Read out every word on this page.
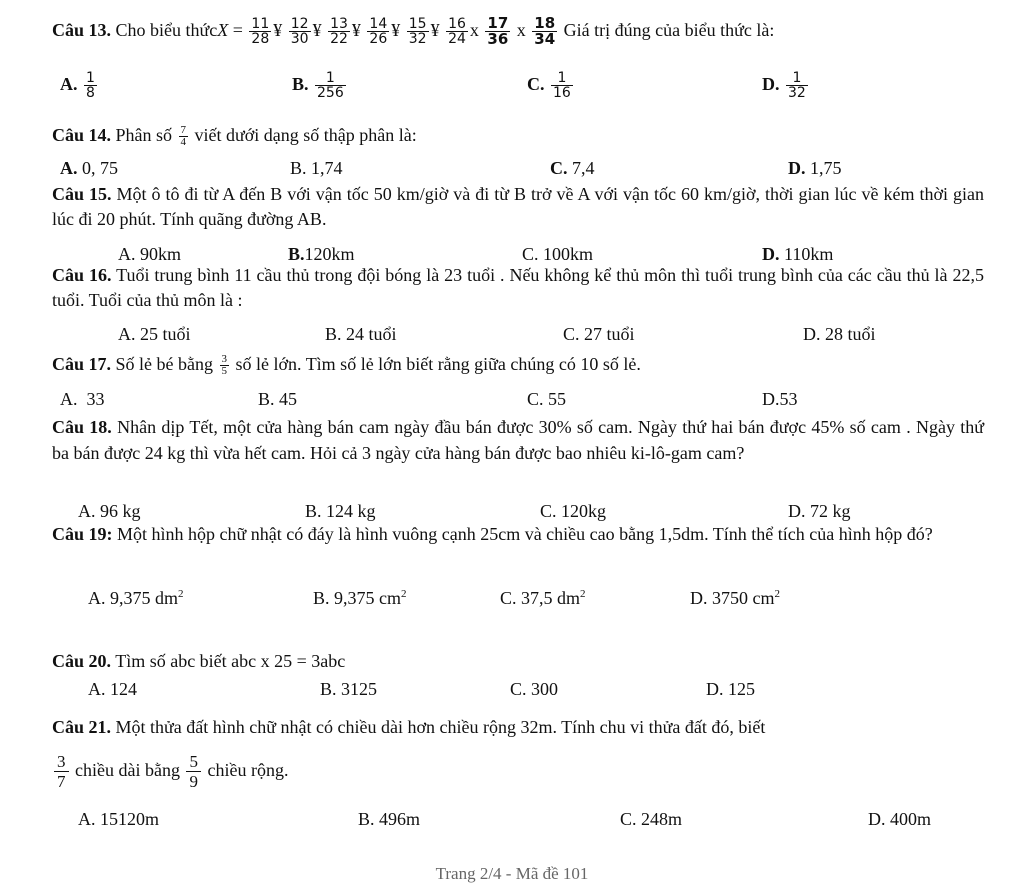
Câu 13. Cho biểu thứcX = $\frac{11}{28}$ ¥ $\frac{12}{30}$ ¥ $\frac{13}{22}$ ¥ $\frac{14}{26}$ ¥ $\frac{15}{32}$ ¥ $\frac{16}{24}$ x $\frac{17}{36}$ x $\frac{18}{34}$ Giá trị đúng của biểu thức là:
A. $\frac{1}{8}$	B. $\frac{1}{256}$	C. $\frac{1}{16}$	D. $\frac{1}{32}$
Câu 14. Phân số $\frac{7}{4}$ viết dưới dạng số thập phân là:
A. 0, 75	B. 1,74	C. 7,4	D. 1,75
Câu 15. Một ô tô đi từ A đến B với vận tốc 50 km/giờ và đi từ B trở về A với vận tốc 60 km/giờ, thời gian lúc về kém thời gian lúc đi 20 phút. Tính quãng đường AB.
A. 90km	B.120km	C. 100km	D. 110km
Câu 16. Tuổi trung bình 11 cầu thủ trong đội bóng là 23 tuổi . Nếu không kể thủ môn thì tuổi trung bình của các cầu thủ là 22,5 tuổi. Tuổi của thủ môn là :
A. 25 tuổi	B. 24 tuổi	C. 27 tuổi	D. 28 tuổi
Câu 17. Số lẻ bé bằng $\frac{3}{5}$ số lẻ lớn. Tìm số lẻ lớn biết rằng giữa chúng có 10 số lẻ.
A. 33	B. 45	C. 55	D.53
Câu 18. Nhân dịp Tết, một cửa hàng bán cam ngày đầu bán được 30% số cam. Ngày thứ hai bán được 45% số cam . Ngày thứ ba bán được 24 kg thì vừa hết cam. Hỏi cả 3 ngày cửa hàng bán được bao nhiêu ki-lô-gam cam?
A. 96 kg	B. 124 kg	C. 120kg	D. 72 kg
Câu 19: Một hình hộp chữ nhật có đáy là hình vuông cạnh 25cm và chiều cao bằng 1,5dm. Tính thể tích của hình hộp đó?
A. 9,375 $dm^2$	B. 9,375 $cm^2$	C. 37,5 $dm^2$	D. 3750 $cm^2$
Câu 20. Tìm số abc biết abc x 25 = 3abc
A. 124	B. 3125	C. 300	D. 125
Câu 21. Một thửa đất hình chữ nhật có chiều dài hơn chiều rộng 32m. Tính chu vi thửa đất đó, biết
$\frac{3}{7}$ chiều dài bằng $\frac{5}{9}$ chiều rộng.
A. 15120m	B. 496m	C. 248m	D. 400m
Trang 2/4 - Mã đề 101
